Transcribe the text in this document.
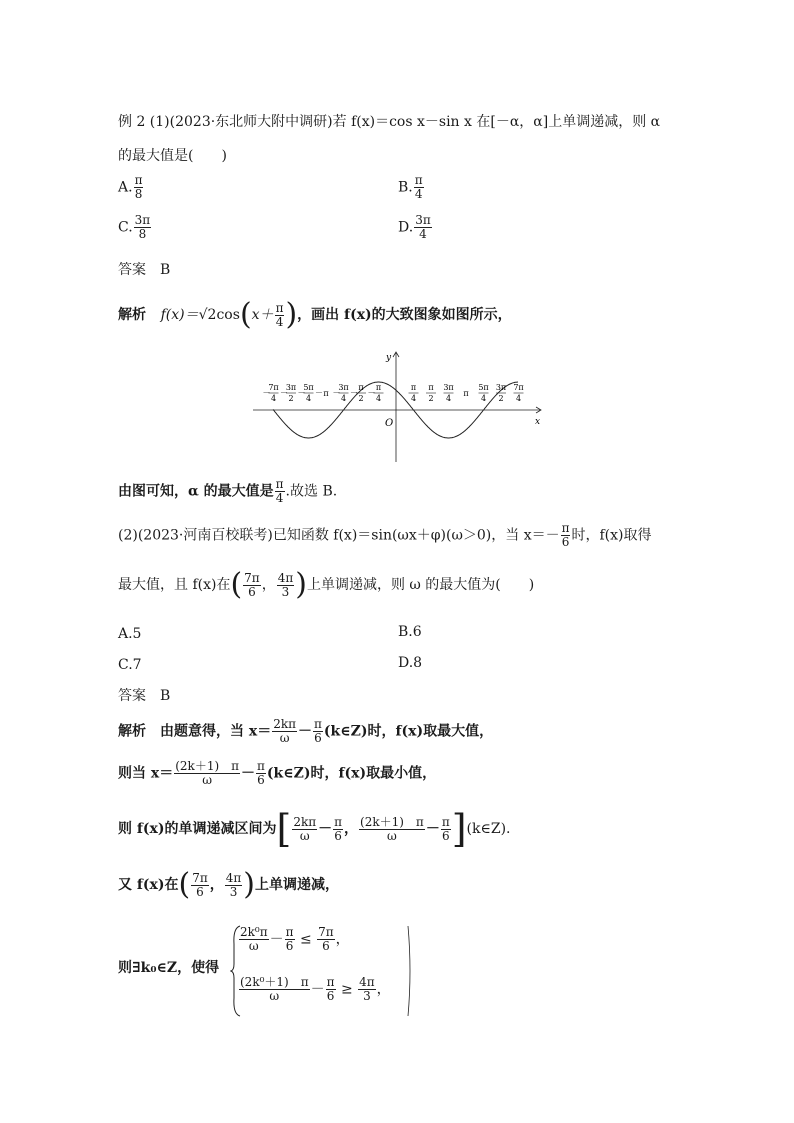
例 2 (1)(2023·东北师大附中调研)若 f(x)＝cos x－sin x 在[－α，α]上单调递减，则 α
的最大值是(　　)
A. $\frac{\pi}{8}$	B. $\frac{\pi}{4}$
C. $\frac{3\pi}{8}$	D. $\frac{3\pi}{4}$
答案　B
解析 $f(x)=√2\cos(x+ \frac{\pi}{4}$ )，画出 f(x)的大致图象如图所示，
y
x
O
－
7π
4
－
3π
2
－
5π
4
－ π －
3π
4
－
π
2
－
π
4
π
4
π
2
3π
4
π
5π
4
3π
2
7π
4
由图可知，α 的最大值是 $\frac{\pi}{4}$ .故选 B.
(2)(2023·河南百校联考)已知函数 f(x)＝sin(ωx＋φ)(ω＞0)，当 $x=- \frac{\pi}{6}$ 时，f(x)取得
最大值，且 f(x)在( $\frac{7\pi}{6}$ ， $\frac{4\pi}{3}$ )上单调递减，则 ω 的最大值为(　　)
A.5	B.6
C.7	D.8
答案　B
解析　由题意得，当 $x= \frac{2k\pi}{\omega} - \frac{\pi}{6}$ (k∈Z)时，f(x)取最大值，
则当 $x= \frac{(2k+1) \pi}{\omega} - \frac{\pi}{6}$ (k∈Z)时，f(x)取最小值，
则 f(x)的单调递减区间为[ $\frac{2k\pi}{\omega} - \frac{\pi}{6}$ ， $\frac{(2k+1) \pi}{\omega} - \frac{\pi}{6}$ ](k∈Z).
又 f(x)在( $\frac{7\pi}{6}$ ， $\frac{4\pi}{3}$ )上单调递减，
则∃k₀∈Z，使得
$\frac{\text{2k⁰π}}{\omega} - \frac{\pi}{6} \le \frac{7\pi}{6}$ ，
$\frac{\text{(2k⁰＋1)　π}}{\omega} - \frac{\pi}{6} \ge \frac{4\pi}{3}$ ，
